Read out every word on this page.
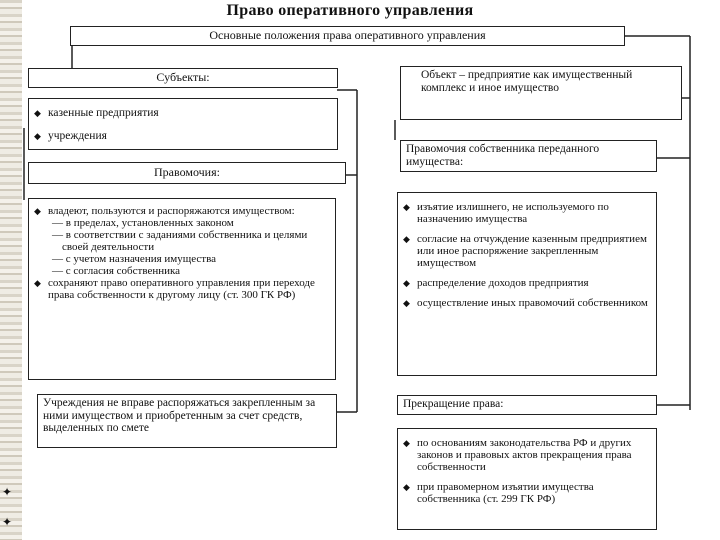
✦
✦
Право оперативного управления
Основные положения права оперативного управления
Субъекты:

◆ казенные предприятия

◆ учреждения

Объект – предприятие как имущественный комплекс и иное имущество
Правомочия:

◆ владеют, пользуются и распоряжаются имуществом:

— в пределах, установленных законом

— в соответствии с заданиями собственника и целями своей деятельности

— с учетом назначения имущества

— с согласия собственника

◆ сохраняют право оперативного управления при переходе права собственности к другому лицу (ст. 300 ГК РФ)

Правомочия собственника переданного имущества:

◆ изъятие излишнего, не используемого по назначению имущества

◆ согласие на отчуждение казенным предприятием или иное распоряжение закрепленным имуществом

◆ распределение доходов предприятия

◆ осуществление иных правомочий собственником

Учреждения не вправе распоряжаться закрепленным за ними имуществом и приобретенным за счет средств, выделенных по смете
Прекращение права:

◆ по основаниям законодательства РФ и других законов и правовых актов прекращения права собственности

◆ при правомерном изъятии имущества собственника (ст. 299 ГК РФ)
